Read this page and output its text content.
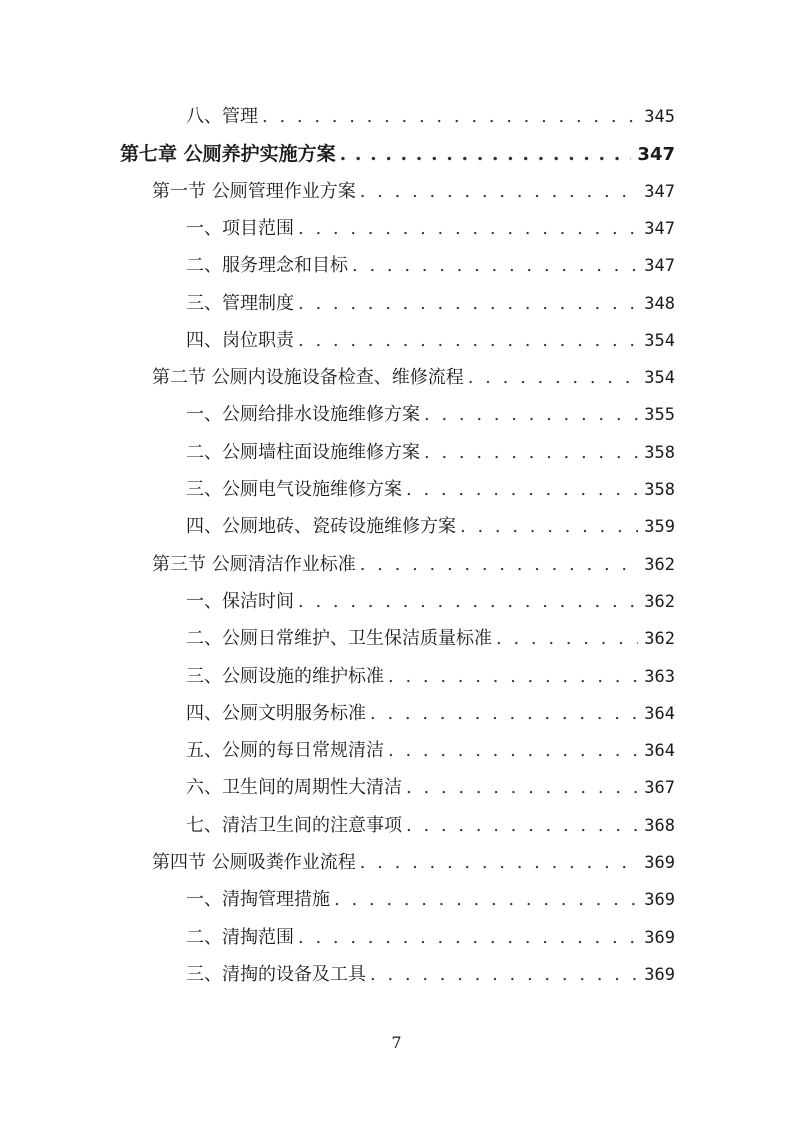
八、管理 . . .	345
第七章 公厕养护实施方案 . . .	347
第一节 公厕管理作业方案 . . .	347
一、项目范围 . . .	347
二、服务理念和目标 . . .	347
三、管理制度 . . .	348
四、岗位职责 . . .	354
第二节 公厕内设施设备检查、维修流程 . . .	354
一、公厕给排水设施维修方案 . . .	355
二、公厕墙柱面设施维修方案 . . .	358
三、公厕电气设施维修方案 . . .	358
四、公厕地砖、瓷砖设施维修方案 . . .	359
第三节 公厕清洁作业标准 . . .	362
一、保洁时间 . . .	362
二、公厕日常维护、卫生保洁质量标准 . . .	362
三、公厕设施的维护标准 . . .	363
四、公厕文明服务标准 . . .	364
五、公厕的每日常规清洁 . . .	364
六、卫生间的周期性大清洁 . . .	367
七、清洁卫生间的注意事项 . . .	368
第四节 公厕吸粪作业流程 . . .	369
一、清掏管理措施 . . .	369
二、清掏范围 . . .	369
三、清掏的设备及工具 . . .	369
7
